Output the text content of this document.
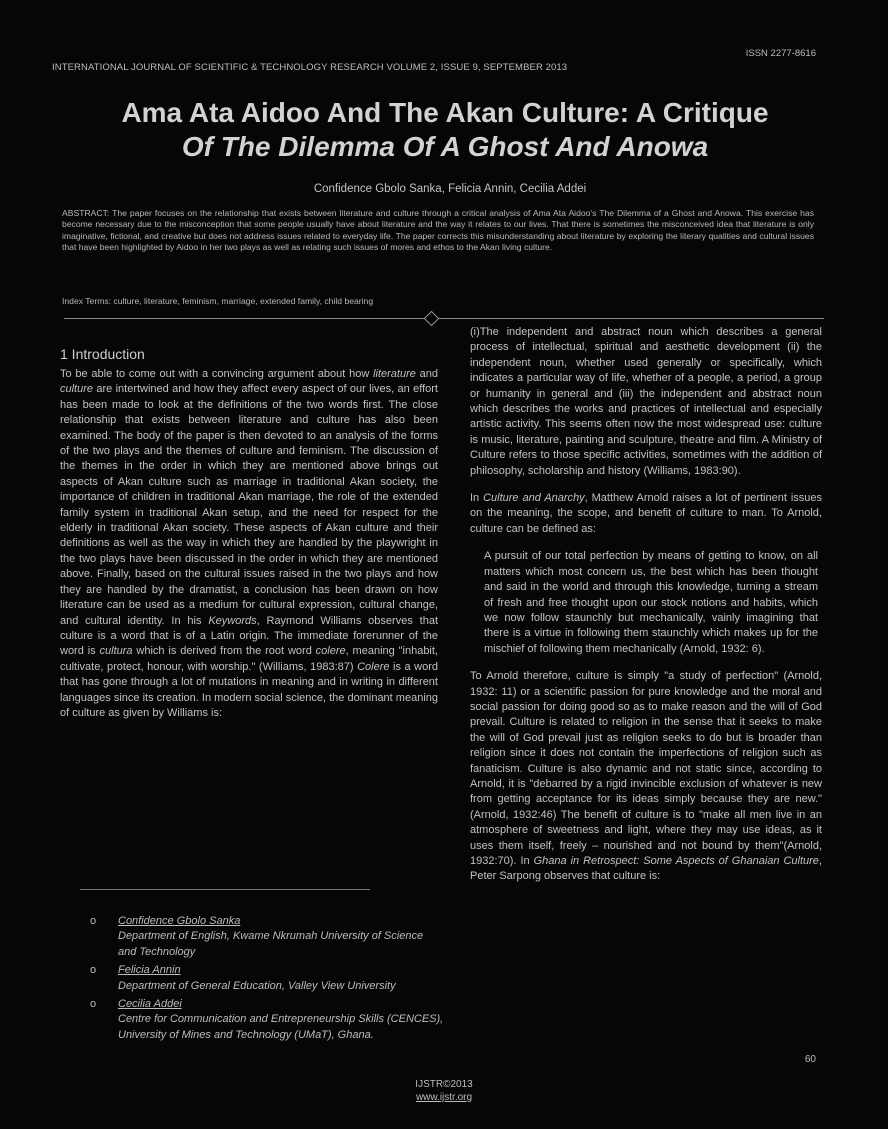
ISSN 2277-8616
INTERNATIONAL JOURNAL OF SCIENTIFIC & TECHNOLOGY RESEARCH VOLUME 2, ISSUE 9, SEPTEMBER 2013
Ama Ata Aidoo And The Akan Culture: A Critique
Of The Dilemma Of A Ghost And Anowa
Confidence Gbolo Sanka, Felicia Annin, Cecilia Addei

ABSTRACT: The paper focuses on the relationship that exists between literature and culture through a critical analysis of Ama Ata Aidoo's The Dilemma of a Ghost and Anowa. This exercise has become necessary due to the misconception that some people usually have about literature and the way it relates to our lives. That there is sometimes the misconceived idea that literature is only imaginative, fictional, and creative but does not address issues related to everyday life. The paper corrects this misunderstanding about literature by exploring the literary qualities and cultural issues that have been highlighted by Aidoo in her two plays as well as relating such issues of mores and ethos to the Akan living culture.

Index Terms: culture, literature, feminism, marriage, extended family, child bearing

1 Introduction

To be able to come out with a convincing argument about how literature and culture are intertwined and how they affect every aspect of our lives, an effort has been made to look at the definitions of the two words first. The close relationship that exists between literature and culture has also been examined. The body of the paper is then devoted to an analysis of the forms of the two plays and the themes of culture and feminism. The discussion of the themes in the order in which they are mentioned above brings out aspects of Akan culture such as marriage in traditional Akan society, the importance of children in traditional Akan marriage, the role of the extended family system in traditional Akan setup, and the need for respect for the elderly in traditional Akan society. These aspects of Akan culture and their definitions as well as the way in which they are handled by the playwright in the two plays have been discussed in the order in which they are mentioned above. Finally, based on the cultural issues raised in the two plays and how they are handled by the dramatist, a conclusion has been drawn on how literature can be used as a medium for cultural expression, cultural change, and cultural identity. In his Keywords, Raymond Williams observes that culture is a word that is of a Latin origin. The immediate forerunner of the word is cultura which is derived from the root word colere, meaning "inhabit, cultivate, protect, honour, with worship." (Williams, 1983:87) Colere is a word that has gone through a lot of mutations in meaning and in writing in different languages since its creation. In modern social science, the dominant meaning of culture as given by Williams is:

(i)The independent and abstract noun which describes a general process of intellectual, spiritual and aesthetic development (ii) the independent noun, whether used generally or specifically, which indicates a particular way of life, whether of a people, a period, a group or humanity in general and (iii) the independent and abstract noun which describes the works and practices of intellectual and especially artistic activity. This seems often now the most widespread use: culture is music, literature, painting and sculpture, theatre and film. A Ministry of Culture refers to those specific activities, sometimes with the addition of philosophy, scholarship and history (Williams, 1983:90).

In Culture and Anarchy, Matthew Arnold raises a lot of pertinent issues on the meaning, the scope, and benefit of culture to man. To Arnold, culture can be defined as:

A pursuit of our total perfection by means of getting to know, on all matters which most concern us, the best which has been thought and said in the world and through this knowledge, turning a stream of fresh and free thought upon our stock notions and habits, which we now follow staunchly but mechanically, vainly imagining that there is a virtue in following them staunchly which makes up for the mischief of following them mechanically (Arnold, 1932: 6).

To Arnold therefore, culture is simply "a study of perfection" (Arnold, 1932: 11) or a scientific passion for pure knowledge and the moral and social passion for doing good so as to make reason and the will of God prevail. Culture is related to religion in the sense that it seeks to make the will of God prevail just as religion seeks to do but is broader than religion since it does not contain the imperfections of religion such as fanaticism. Culture is also dynamic and not static since, according to Arnold, it is "debarred by a rigid invincible exclusion of whatever is new from getting acceptance for its ideas simply because they are new." (Arnold, 1932:46) The benefit of culture is to "make all men live in an atmosphere of sweetness and light, where they may use ideas, as it uses them itself, freely – nourished and not bound by them"(Arnold, 1932:70). In Ghana in Retrospect: Some Aspects of Ghanaian Culture, Peter Sarpong observes that culture is:

o Confidence Gbolo Sanka
Department of English, Kwame Nkrumah University of Science and Technology
o Felicia Annin
Department of General Education, Valley View University
o Cecilia Addei
Centre for Communication and Entrepreneurship Skills (CENCES), University of Mines and Technology (UMaT), Ghana.
60
IJSTR©2013
www.ijstr.org
